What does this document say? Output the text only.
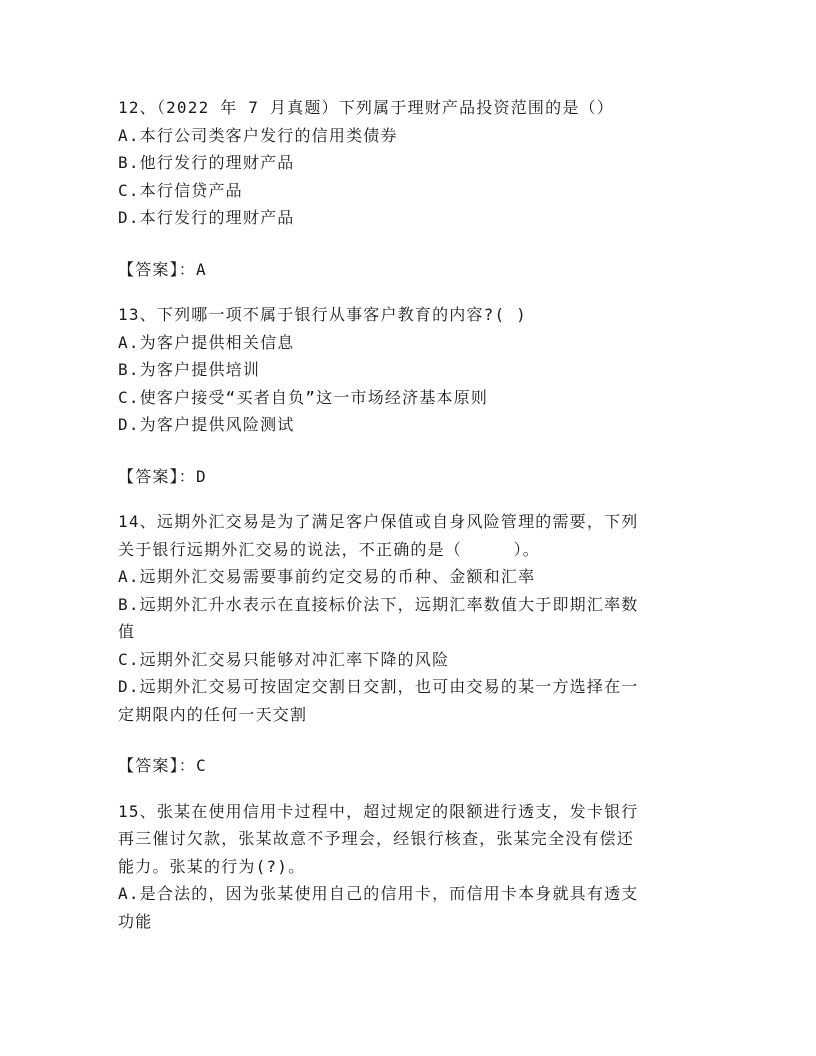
12、（2022 年 7 月真题）下列属于理财产品投资范围的是（）
A.本行公司类客户发行的信用类债券
B.他行发行的理财产品
C.本行信贷产品
D.本行发行的理财产品
【答案】：A
13、下列哪一项不属于银行从事客户教育的内容?( )
A.为客户提供相关信息
B.为客户提供培训
C.使客户接受“买者自负”这一市场经济基本原则
D.为客户提供风险测试
【答案】：D
14、远期外汇交易是为了满足客户保值或自身风险管理的需要，下列
关于银行远期外汇交易的说法，不正确的是（　　　）。
A.远期外汇交易需要事前约定交易的币种、金额和汇率
B.远期外汇升水表示在直接标价法下，远期汇率数值大于即期汇率数
值
C.远期外汇交易只能够对冲汇率下降的风险
D.远期外汇交易可按固定交割日交割，也可由交易的某一方选择在一
定期限内的任何一天交割
【答案】：C
15、张某在使用信用卡过程中，超过规定的限额进行透支，发卡银行
再三催讨欠款，张某故意不予理会，经银行核查，张某完全没有偿还
能力。张某的行为(?)。
A.是合法的，因为张某使用自己的信用卡，而信用卡本身就具有透支
功能
